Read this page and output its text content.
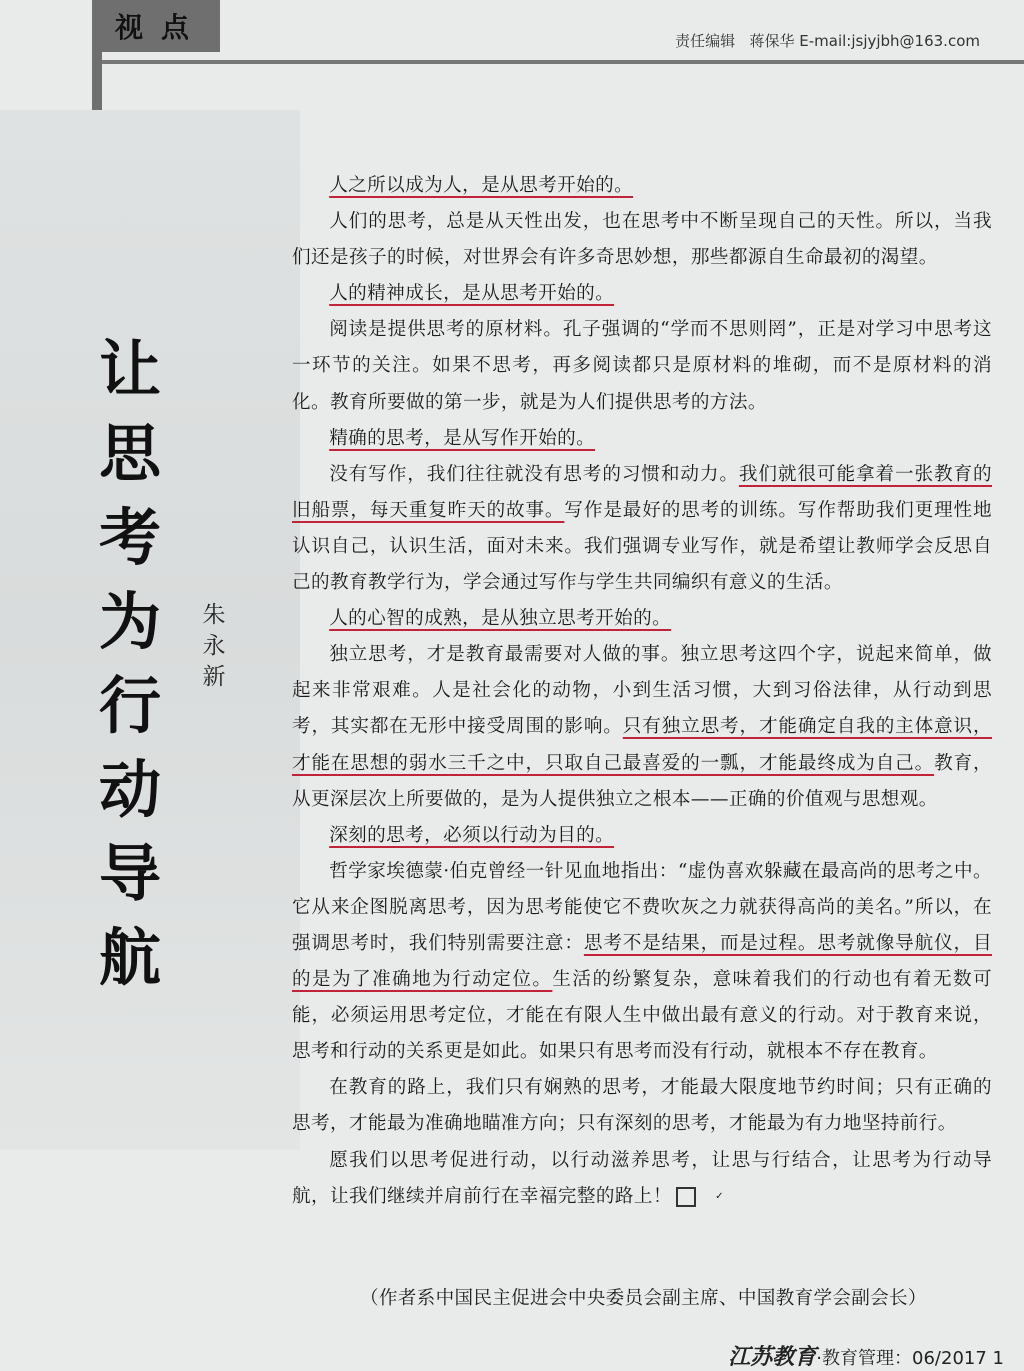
视点	责任编辑 蒋保华 E-mail:jsjyjbh@163.com
让
思
考
为
行
动
导
航
朱
永
新

人之所以成为人，是从思考开始的。

人们的思考，总是从天性出发，也在思考中不断呈现自己的天性。所以，当我们还是孩子的时候，对世界会有许多奇思妙想，那些都源自生命最初的渴望。

人的精神成长，是从思考开始的。

阅读是提供思考的原材料。孔子强调的“学而不思则罔”，正是对学习中思考这一环节的关注。如果不思考，再多阅读都只是原材料的堆砌，而不是原材料的消化。教育所要做的第一步，就是为人们提供思考的方法。

精确的思考，是从写作开始的。

没有写作，我们往往就没有思考的习惯和动力。我们就很可能拿着一张教育的旧船票，每天重复昨天的故事。写作是最好的思考的训练。写作帮助我们更理性地认识自己，认识生活，面对未来。我们强调专业写作，就是希望让教师学会反思自己的教育教学行为，学会通过写作与学生共同编织有意义的生活。

人的心智的成熟，是从独立思考开始的。

独立思考，才是教育最需要对人做的事。独立思考这四个字，说起来简单，做起来非常艰难。人是社会化的动物，小到生活习惯，大到习俗法律，从行动到思考，其实都在无形中接受周围的影响。只有独立思考，才能确定自我的主体意识，才能在思想的弱水三千之中，只取自己最喜爱的一瓢，才能最终成为自己。教育，从更深层次上所要做的，是为人提供独立之根本——正确的价值观与思想观。

深刻的思考，必须以行动为目的。

哲学家埃德蒙·伯克曾经一针见血地指出：“虚伪喜欢躲藏在最高尚的思考之中。它从来企图脱离思考，因为思考能使它不费吹灰之力就获得高尚的美名。”所以，在强调思考时，我们特别需要注意：思考不是结果，而是过程。思考就像导航仪，目的是为了准确地为行动定位。生活的纷繁复杂，意味着我们的行动也有着无数可能，必须运用思考定位，才能在有限人生中做出最有意义的行动。对于教育来说，思考和行动的关系更是如此。如果只有思考而没有行动，就根本不存在教育。

在教育的路上，我们只有娴熟的思考，才能最大限度地节约时间；只有正确的思考，才能最为准确地瞄准方向；只有深刻的思考，才能最为有力地坚持前行。

愿我们以思考促进行动，以行动滋养思考，让思与行结合，让思考为行动导航，让我们继续并肩前行在幸福完整的路上！	✓

（作者系中国民主促进会中央委员会副主席、中国教育学会副会长）
江苏教育·教育管理：06/2017 1
